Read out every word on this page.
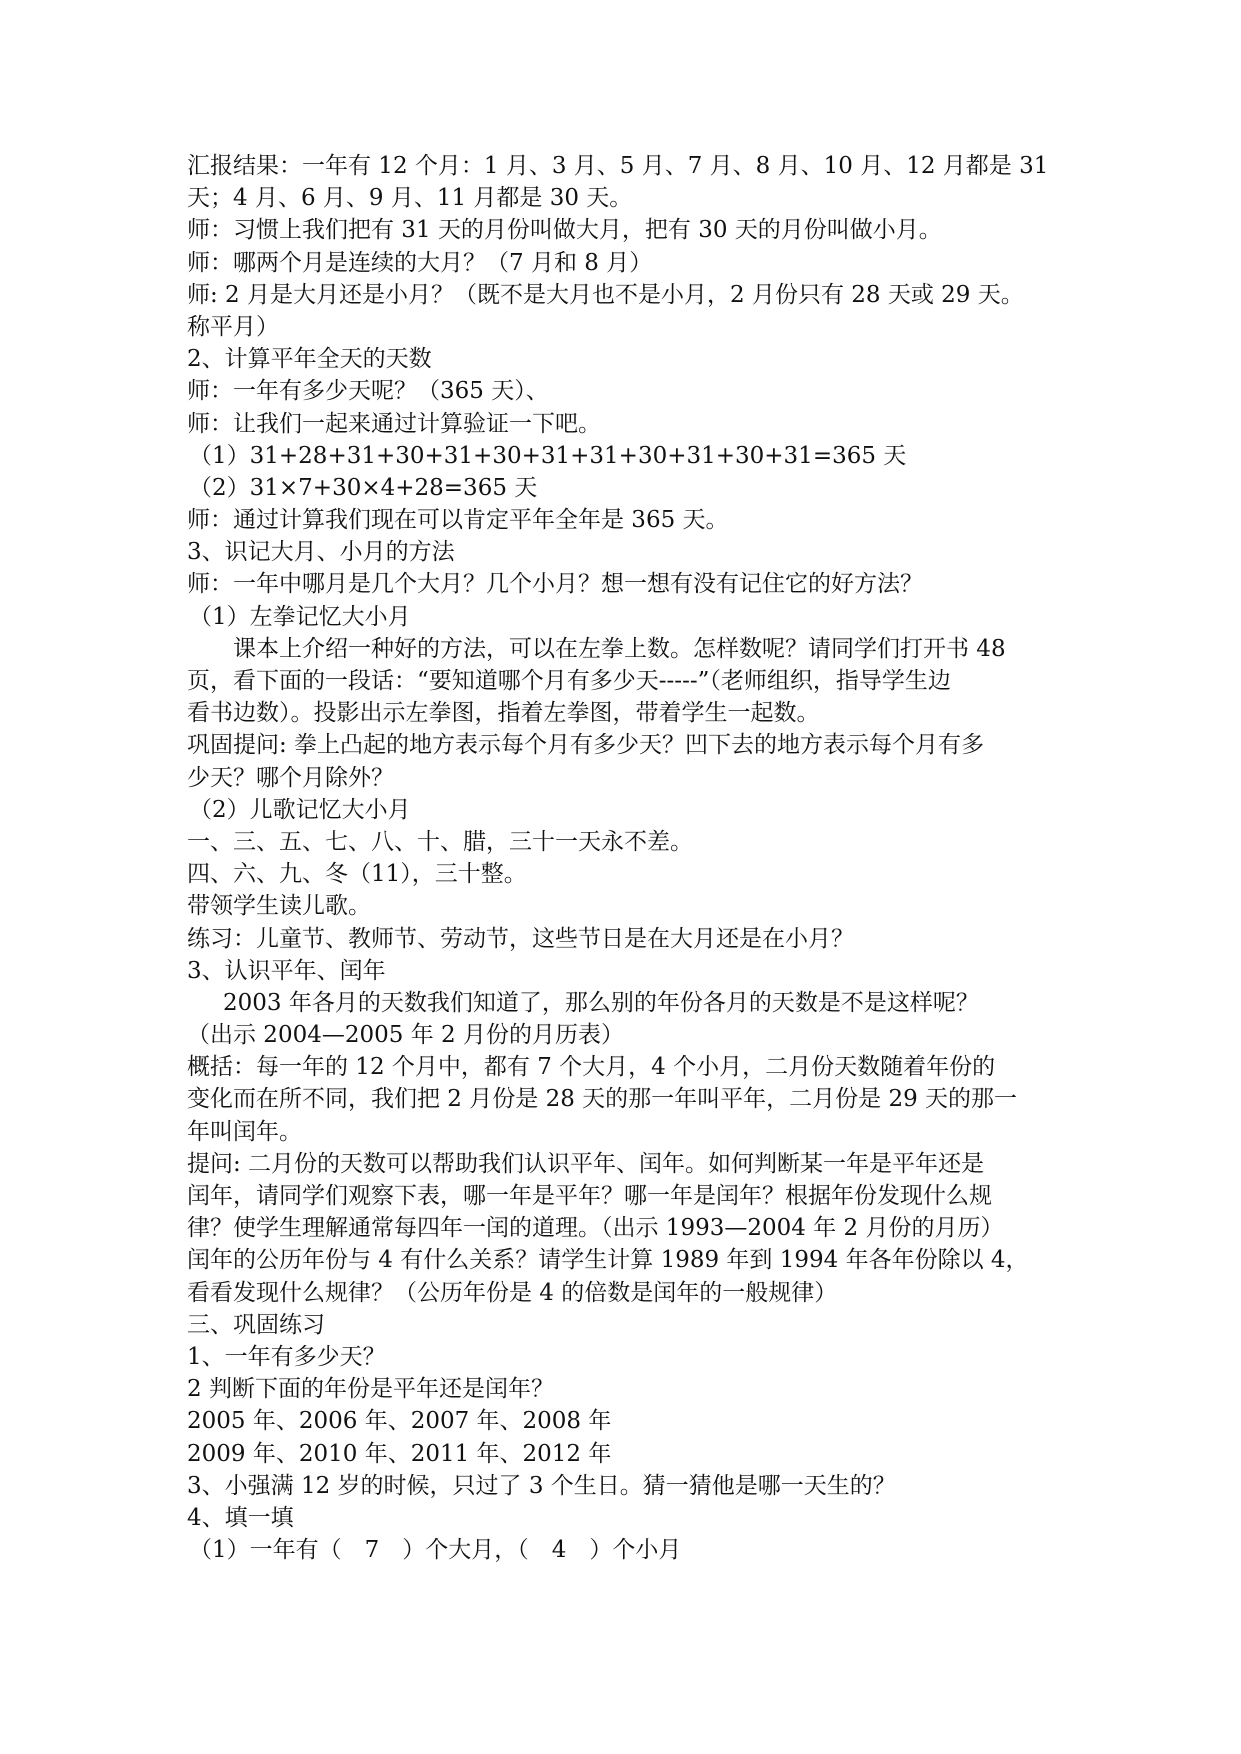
汇报结果：一年有 12 个月：1 月、3 月、5 月、7 月、8 月、10 月、12 月都是 31
天；4 月、6 月、9 月、11 月都是 30 天。
师：习惯上我们把有 31 天的月份叫做大月，把有 30 天的月份叫做小月。
师：哪两个月是连续的大月？（7 月和 8 月）
师: 2 月是大月还是小月？（既不是大月也不是小月，2 月份只有 28 天或 29 天。
称平月）
2、计算平年全天的天数
师：一年有多少天呢？（365 天）、
师：让我们一起来通过计算验证一下吧。
（1）31+28+31+30+31+30+31+31+30+31+30+31=365 天
（2）31×7+30×4+28=365 天
师：通过计算我们现在可以肯定平年全年是 365 天。
3、识记大月、小月的方法
师：一年中哪月是几个大月？几个小月？想一想有没有记住它的好方法？
（1）左拳记忆大小月
课本上介绍一种好的方法，可以在左拳上数。怎样数呢？请同学们打开书 48
页，看下面的一段话：“要知道哪个月有多少天-----”（老师组织，指导学生边
看书边数）。投影出示左拳图，指着左拳图，带着学生一起数。
巩固提问: 拳上凸起的地方表示每个月有多少天？凹下去的地方表示每个月有多
少天？哪个月除外？
（2）儿歌记忆大小月
一、三、五、七、八、十、腊，三十一天永不差。
四、六、九、冬（11），三十整。
带领学生读儿歌。
练习：儿童节、教师节、劳动节，这些节日是在大月还是在小月？
3、认识平年、闰年
2003 年各月的天数我们知道了，那么别的年份各月的天数是不是这样呢？
（出示 2004—2005 年 2 月份的月历表）
概括：每一年的 12 个月中，都有 7 个大月，4 个小月，二月份天数随着年份的
变化而在所不同，我们把 2 月份是 28 天的那一年叫平年，二月份是 29 天的那一
年叫闰年。
提问: 二月份的天数可以帮助我们认识平年、闰年。如何判断某一年是平年还是
闰年，请同学们观察下表，哪一年是平年？哪一年是闰年？根据年份发现什么规
律？使学生理解通常每四年一闰的道理。（出示 1993—2004 年 2 月份的月历）
闰年的公历年份与 4 有什么关系？请学生计算 1989 年到 1994 年各年份除以 4，
看看发现什么规律？（公历年份是 4 的倍数是闰年的一般规律）
三、巩固练习
1、一年有多少天？
2 判断下面的年份是平年还是闰年？
2005 年、2006 年、2007 年、2008 年
2009 年、2010 年、2011 年、2012 年
3、小强满 12 岁的时候，只过了 3 个生日。猜一猜他是哪一天生的？
4、填一填
（1）一年有（　7　）个大月，（　4　）个小月
